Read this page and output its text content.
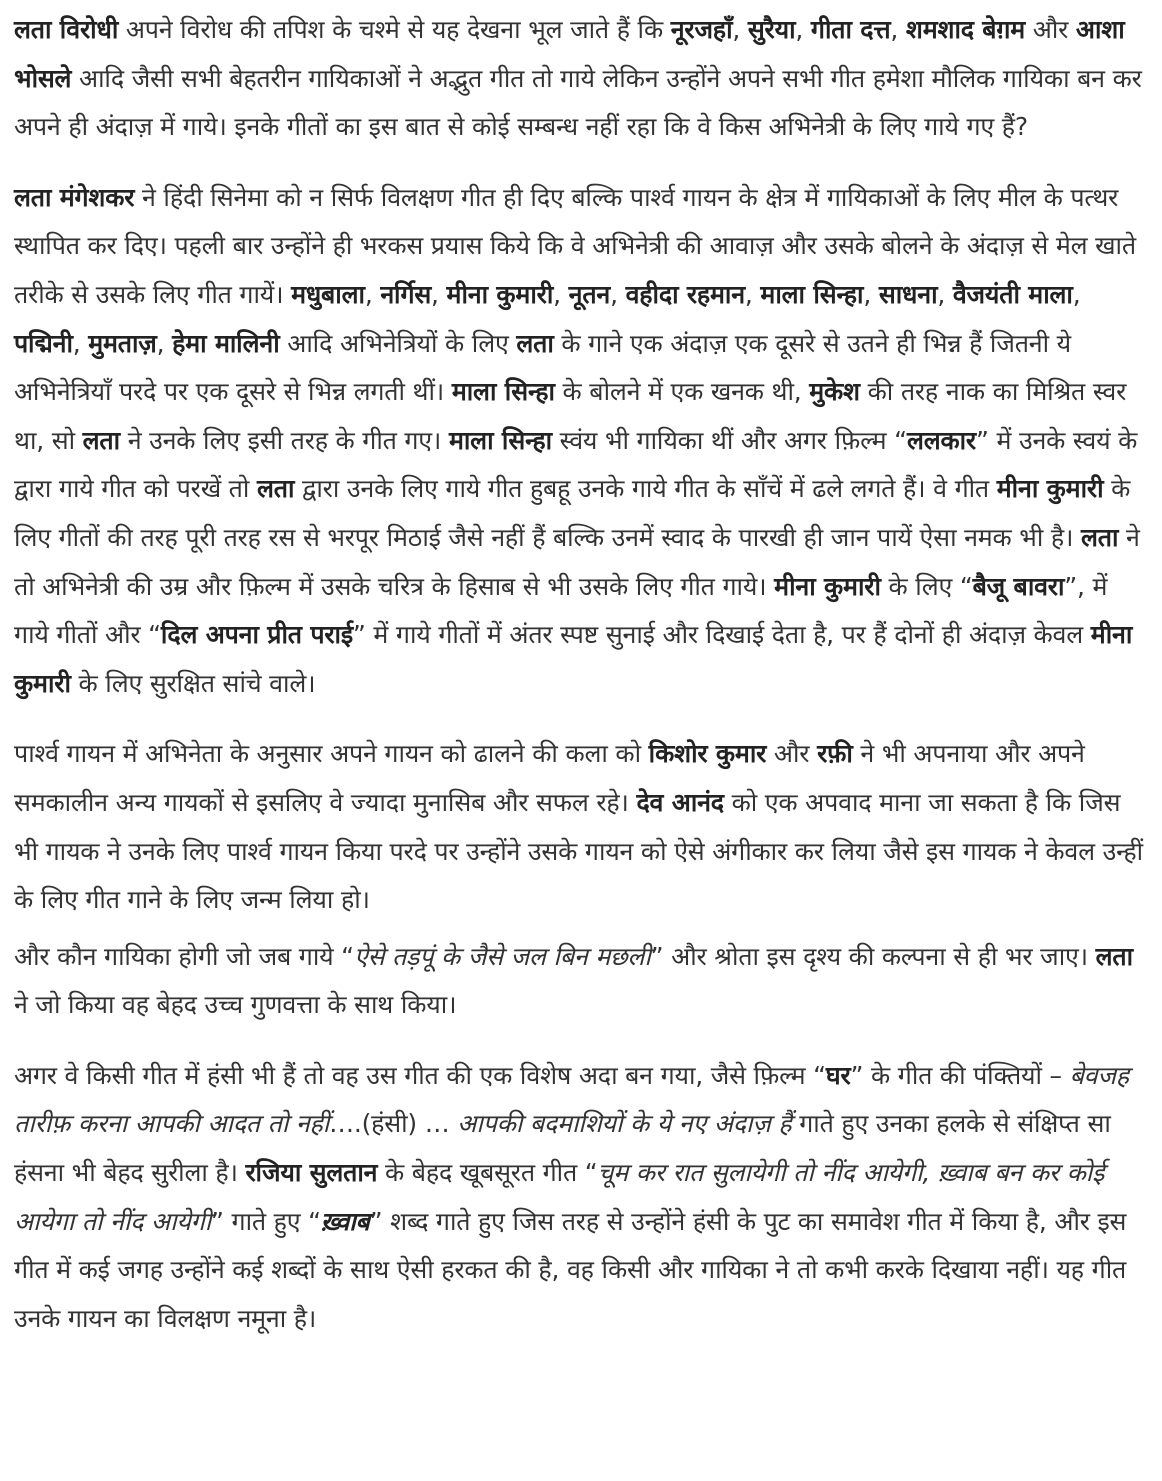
लता विरोधी अपने विरोध की तपिश के चश्मे से यह देखना भूल जाते हैं कि नूरजहाँ, सुरैया, गीता दत्त, शमशाद बेग़म और आशा भोसले आदि जैसी सभी बेहतरीन गायिकाओं ने अद्भुत गीत तो गाये लेकिन उन्होंने अपने सभी गीत हमेशा मौलिक गायिका बन कर अपने ही अंदाज़ में गाये। इनके गीतों का इस बात से कोई सम्बन्ध नहीं रहा कि वे किस अभिनेत्री के लिए गाये गए हैं?

लता मंगेशकर ने हिंदी सिनेमा को न सिर्फ विलक्षण गीत ही दिए बल्कि पार्श्व गायन के क्षेत्र में गायिकाओं के लिए मील के पत्थर स्थापित कर दिए। पहली बार उन्होंने ही भरकस प्रयास किये कि वे अभिनेत्री की आवाज़ और उसके बोलने के अंदाज़ से मेल खाते तरीके से उसके लिए गीत गायें। मधुबाला, नर्गिस, मीना कुमारी, नूतन, वहीदा रहमान, माला सिन्हा, साधना, वैजयंती माला, पद्मिनी, मुमताज़, हेमा मालिनी आदि अभिनेत्रियों के लिए लता के गाने एक अंदाज़ एक दूसरे से उतने ही भिन्न हैं जितनी ये अभिनेत्रियाँ परदे पर एक दूसरे से भिन्न लगती थीं। माला सिन्हा के बोलने में एक खनक थी, मुकेश की तरह नाक का मिश्रित स्वर था, सो लता ने उनके लिए इसी तरह के गीत गए। माला सिन्हा स्वंय भी गायिका थीं और अगर फ़िल्म “ललकार” में उनके स्वयं के द्वारा गाये गीत को परखें तो लता द्वारा उनके लिए गाये गीत हुबहू उनके गाये गीत के साँचें में ढले लगते हैं। वे गीत मीना कुमारी के लिए गीतों की तरह पूरी तरह रस से भरपूर मिठाई जैसे नहीं हैं बल्कि उनमें स्वाद के पारखी ही जान पायें ऐसा नमक भी है। लता ने तो अभिनेत्री की उम्र और फ़िल्म में उसके चरित्र के हिसाब से भी उसके लिए गीत गाये। मीना कुमारी के लिए “बैजू बावरा”, में गाये गीतों और “दिल अपना प्रीत पराई” में गाये गीतों में अंतर स्पष्ट सुनाई और दिखाई देता है, पर हैं दोनों ही अंदाज़ केवल मीना कुमारी के लिए सुरक्षित सांचे वाले।

पार्श्व गायन में अभिनेता के अनुसार अपने गायन को ढालने की कला को किशोर कुमार और रफ़ी ने भी अपनाया और अपने समकालीन अन्य गायकों से इसलिए वे ज्यादा मुनासिब और सफल रहे। देव आनंद को एक अपवाद माना जा सकता है कि जिस भी गायक ने उनके लिए पार्श्व गायन किया परदे पर उन्होंने उसके गायन को ऐसे अंगीकार कर लिया जैसे इस गायक ने केवल उन्हीं के लिए गीत गाने के लिए जन्म लिया हो।

और कौन गायिका होगी जो जब गाये “ऐसे तड़पूं के जैसे जल बिन मछली” और श्रोता इस दृश्य की कल्पना से ही भर जाए। लता ने जो किया वह बेहद उच्च गुणवत्ता के साथ किया।

अगर वे किसी गीत में हंसी भी हैं तो वह उस गीत की एक विशेष अदा बन गया, जैसे फ़िल्म “घर” के गीत की पंक्तियों – बेवजह तारीफ़ करना आपकी आदत तो नहीं….(हंसी) … आपकी बदमाशियों के ये नए अंदाज़ हैं गाते हुए उनका हलके से संक्षिप्त सा हंसना भी बेहद सुरीला है। रजिया सुलतान के बेहद खूबसूरत गीत “चूम कर रात सुलायेगी तो नींद आयेगी, ख़्वाब बन कर कोई आयेगा तो नींद आयेगी” गाते हुए “ख़्वाब” शब्द गाते हुए जिस तरह से उन्होंने हंसी के पुट का समावेश गीत में किया है, और इस गीत में कई जगह उन्होंने कई शब्दों के साथ ऐसी हरकत की है, वह किसी और गायिका ने तो कभी करके दिखाया नहीं। यह गीत उनके गायन का विलक्षण नमूना है।
